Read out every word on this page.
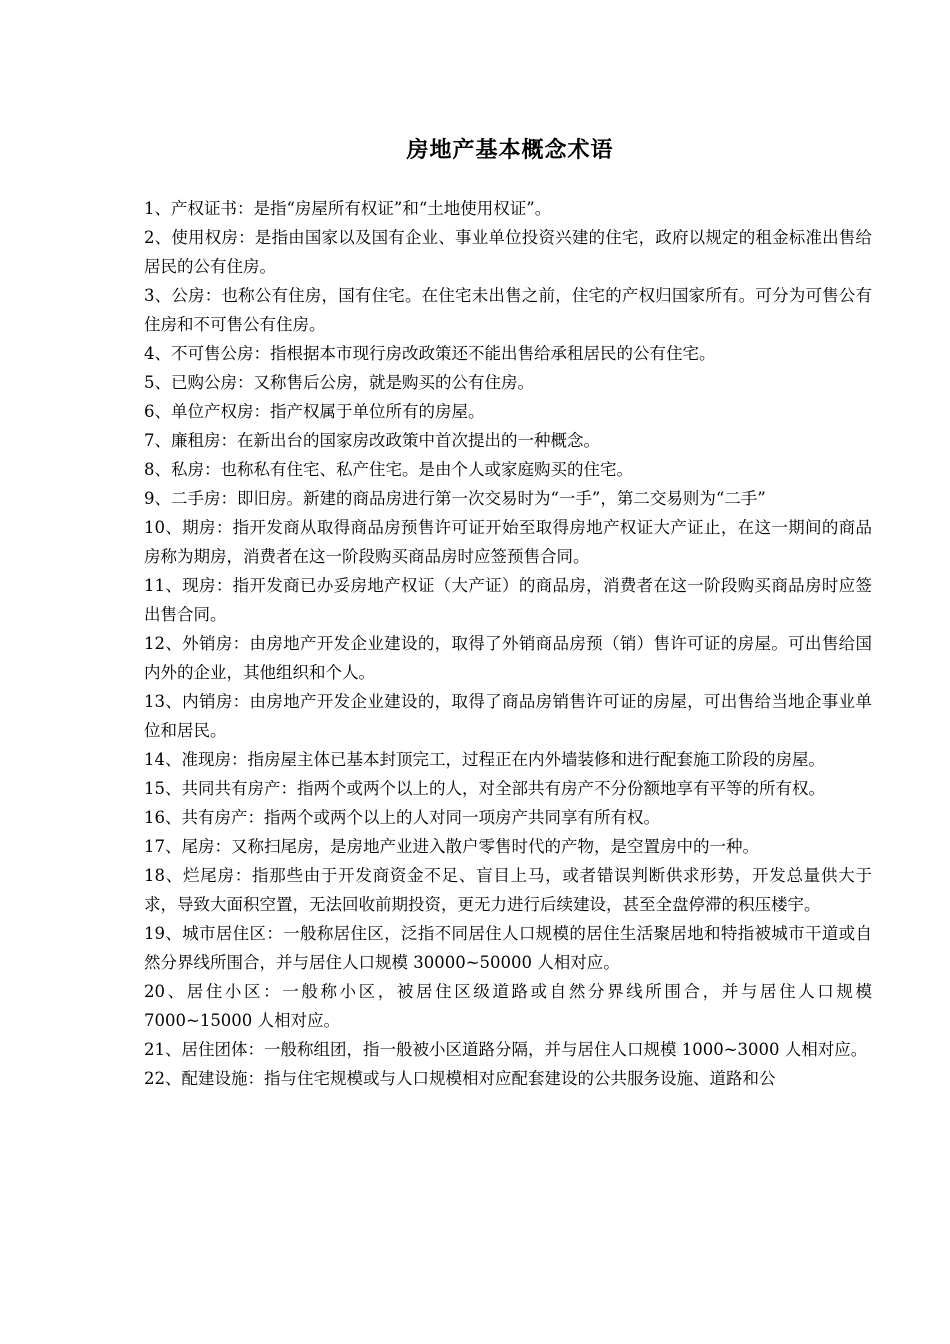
房地产基本概念术语

1、产权证书：是指“房屋所有权证”和“土地使用权证”。

2、使用权房：是指由国家以及国有企业、事业单位投资兴建的住宅，政府以规定的租金标准出售给居民的公有住房。

3、公房：也称公有住房，国有住宅。在住宅未出售之前，住宅的产权归国家所有。可分为可售公有住房和不可售公有住房。

4、不可售公房：指根据本市现行房改政策还不能出售给承租居民的公有住宅。

5、已购公房：又称售后公房，就是购买的公有住房。

6、单位产权房：指产权属于单位所有的房屋。

7、廉租房：在新出台的国家房改政策中首次提出的一种概念。

8、私房：也称私有住宅、私产住宅。是由个人或家庭购买的住宅。

9、二手房：即旧房。新建的商品房进行第一次交易时为“一手”，第二交易则为“二手”

10、期房：指开发商从取得商品房预售许可证开始至取得房地产权证大产证止，在这一期间的商品房称为期房，消费者在这一阶段购买商品房时应签预售合同。

11、现房：指开发商已办妥房地产权证（大产证）的商品房，消费者在这一阶段购买商品房时应签出售合同。

12、外销房：由房地产开发企业建设的，取得了外销商品房预（销）售许可证的房屋。可出售给国内外的企业，其他组织和个人。

13、内销房：由房地产开发企业建设的，取得了商品房销售许可证的房屋，可出售给当地企事业单位和居民。

14、准现房：指房屋主体已基本封顶完工，过程正在内外墙装修和进行配套施工阶段的房屋。

15、共同共有房产：指两个或两个以上的人，对全部共有房产不分份额地享有平等的所有权。

16、共有房产：指两个或两个以上的人对同一项房产共同享有所有权。

17、尾房：又称扫尾房，是房地产业进入散户零售时代的产物，是空置房中的一种。

18、烂尾房：指那些由于开发商资金不足、盲目上马，或者错误判断供求形势，开发总量供大于求，导致大面积空置，无法回收前期投资，更无力进行后续建设，甚至全盘停滞的积压楼宇。

19、城市居住区：一般称居住区，泛指不同居住人口规模的居住生活聚居地和特指被城市干道或自然分界线所围合，并与居住人口规模 30000~50000 人相对应。

20、居住小区：一般称小区，被居住区级道路或自然分界线所围合，并与居住人口规模7000~15000 人相对应。

21、居住团体：一般称组团，指一般被小区道路分隔，并与居住人口规模 1000~3000 人相对应。

22、配建设施：指与住宅规模或与人口规模相对应配套建设的公共服务设施、道路和公
